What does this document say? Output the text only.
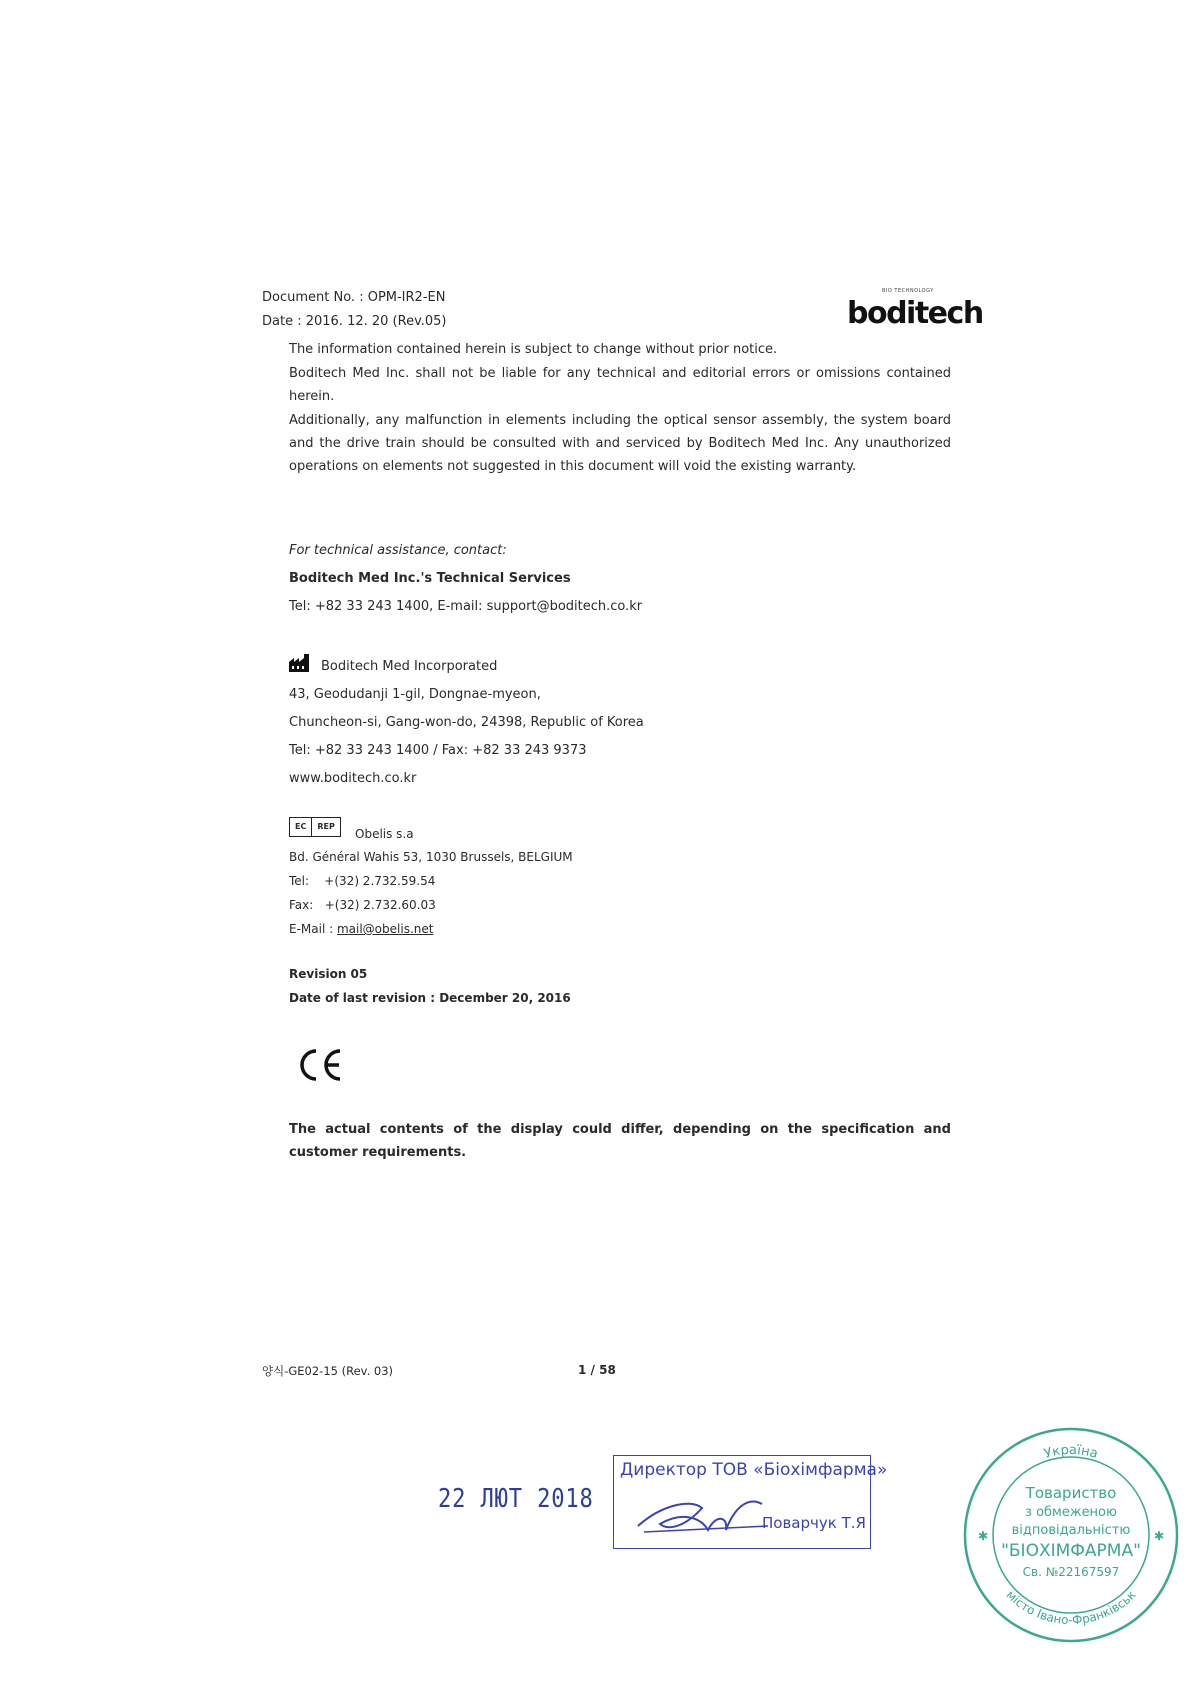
Document No. : OPM-IR2-EN
Date : 2016. 12. 20 (Rev.05)
BIO TECHNOLOGY
boditech
The information contained herein is subject to change without prior notice.
Boditech Med Inc. shall not be liable for any technical and editorial errors or omissions contained herein.
Additionally, any malfunction in elements including the optical sensor assembly, the system board and the drive train should be consulted with and serviced by Boditech Med Inc. Any unauthorized operations on elements not suggested in this document will void the existing warranty.
For technical assistance, contact:
Boditech Med Inc.'s Technical Services
Tel: +82 33 243 1400, E-mail: support@boditech.co.kr
Boditech Med Incorporated
43, Geodudanji 1-gil, Dongnae-myeon,
Chuncheon-si, Gang-won-do, 24398, Republic of Korea
Tel: +82 33 243 1400 / Fax: +82 33 243 9373
www.boditech.co.kr
EC	REP
Obelis s.a
Bd. Général Wahis 53, 1030 Brussels, BELGIUM
Tel:    +(32) 2.732.59.54
Fax:   +(32) 2.732.60.03
E-Mail : mail@obelis.net
Revision 05
Date of last revision : December 20, 2016
The actual contents of the display could differ, depending on the specification and customer requirements.
양식-GE02-15 (Rev. 03)	1 / 58
22 ЛЮТ 2018
Директор ТОВ «Біохімфарма»
Поварчук Т.Я
Україна
місто Івано-Франківськ
✱	✱
Товариство
з обмеженою
відповідальністю
"БІОХІМФАРМА"
Св. №22167597
